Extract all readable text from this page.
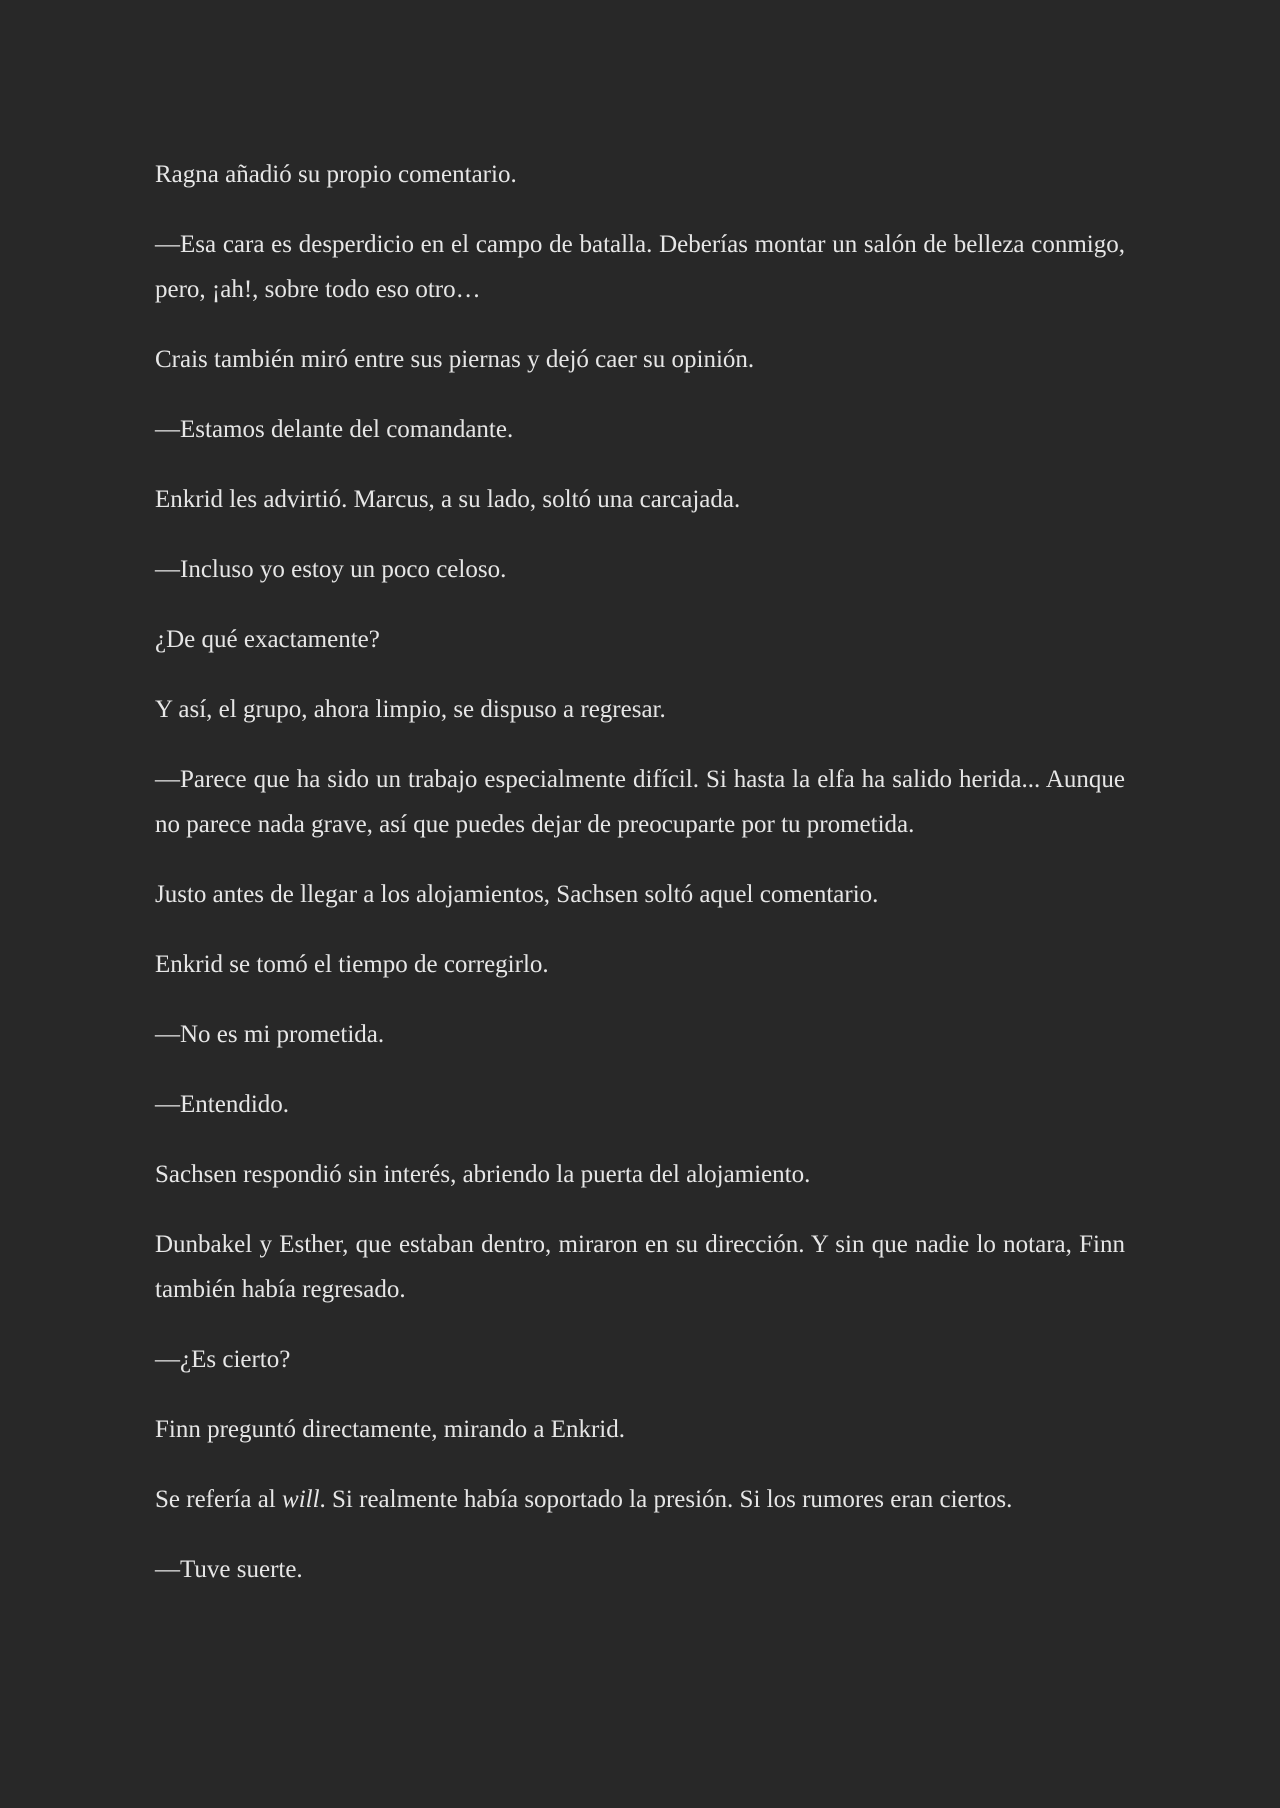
Ragna añadió su propio comentario.

—Esa cara es desperdicio en el campo de batalla. Deberías montar un salón de belleza conmigo, pero, ¡ah!, sobre todo eso otro…

Crais también miró entre sus piernas y dejó caer su opinión.

—Estamos delante del comandante.

Enkrid les advirtió. Marcus, a su lado, soltó una carcajada.

—Incluso yo estoy un poco celoso.

¿De qué exactamente?

Y así, el grupo, ahora limpio, se dispuso a regresar.

—Parece que ha sido un trabajo especialmente difícil. Si hasta la elfa ha salido herida... Aunque no parece nada grave, así que puedes dejar de preocuparte por tu prometida.

Justo antes de llegar a los alojamientos, Sachsen soltó aquel comentario.

Enkrid se tomó el tiempo de corregirlo.

—No es mi prometida.

—Entendido.

Sachsen respondió sin interés, abriendo la puerta del alojamiento.

Dunbakel y Esther, que estaban dentro, miraron en su dirección. Y sin que nadie lo notara, Finn también había regresado.

—¿Es cierto?

Finn preguntó directamente, mirando a Enkrid.

Se refería al will. Si realmente había soportado la presión. Si los rumores eran ciertos.

—Tuve suerte.
